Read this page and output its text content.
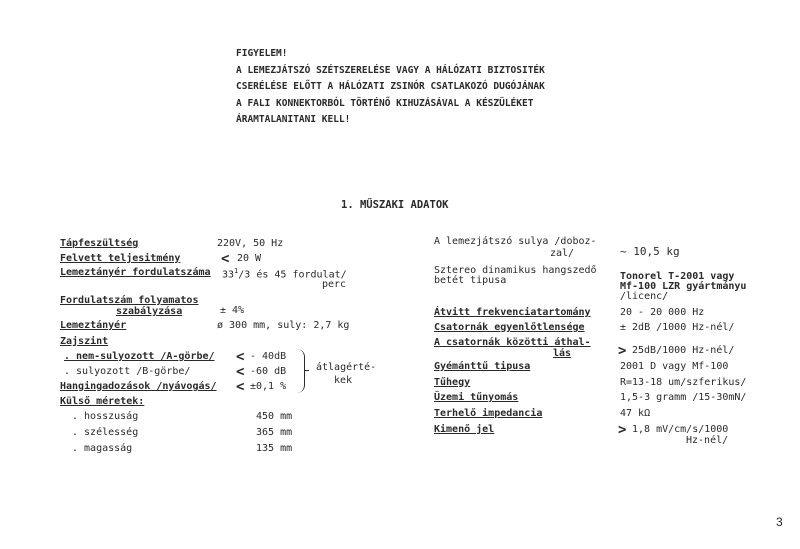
FIGYELEM!
A LEMEZJÁTSZÓ SZÉTSZERELÉSE VAGY A HÁLÓZATI BIZTOSITÉK
CSERÉLÉSE ELŐTT A HÁLÓZATI ZSINÓR CSATLAKOZÓ DUGÓJÁNAK
A FALI KONNEKTORBÓL TÖRTÉNŐ KIHUZÁSÁVAL A KÉSZÜLÉKET
ÁRAMTALANITANI KELL!
1. MŰSZAKI ADATOK
Tápfeszültség	220V, 50 Hz
Felvett teljesitmény	< 20 W
Lemeztányér fordulatszáma $33^1/3$ és 45 fordulat/
perc
Fordulatszám folyamatos
szabályzása	± 4%
Lemeztányér	ø 300 mm, suly: 2,7 kg
Zajszint
. nem-sulyozott /A-görbe/ < - 40dB
. sulyozott /B-görbe/	< -60 dB
Hangingadozások /nyávogás/ < ±0,1 %
átlagérté-
kek
Külső méretek:
. hosszuság	450 mm
. szélesség	365 mm
. magasság	135 mm
A lemezjátszó sulya /doboz-
zal/	~ 10,5 kg
Sztereo dinamikus hangszedő
betét tipusa	Tonorel T-2001 vagy
Mf-100 LZR gyártmányu
/licenc/
Átvitt frekvenciatartomány	20 - 20 000 Hz
Csatornák egyenlőtlensége	± 2dB /1000 Hz-nél/
A csatornák közötti áthal-
lás	> 25dB/1000 Hz-nél/
Gyémánttű tipusa	2001 D vagy Mf-100
Tűhegy	R=13-18 um/szferikus/
Üzemi tűnyomás	1,5-3 gramm /15-30mN/
Terhelő impedancia	47 kΩ
Kimenő jel	> 1,8 mV/cm/s/1000
Hz-nél/
3
